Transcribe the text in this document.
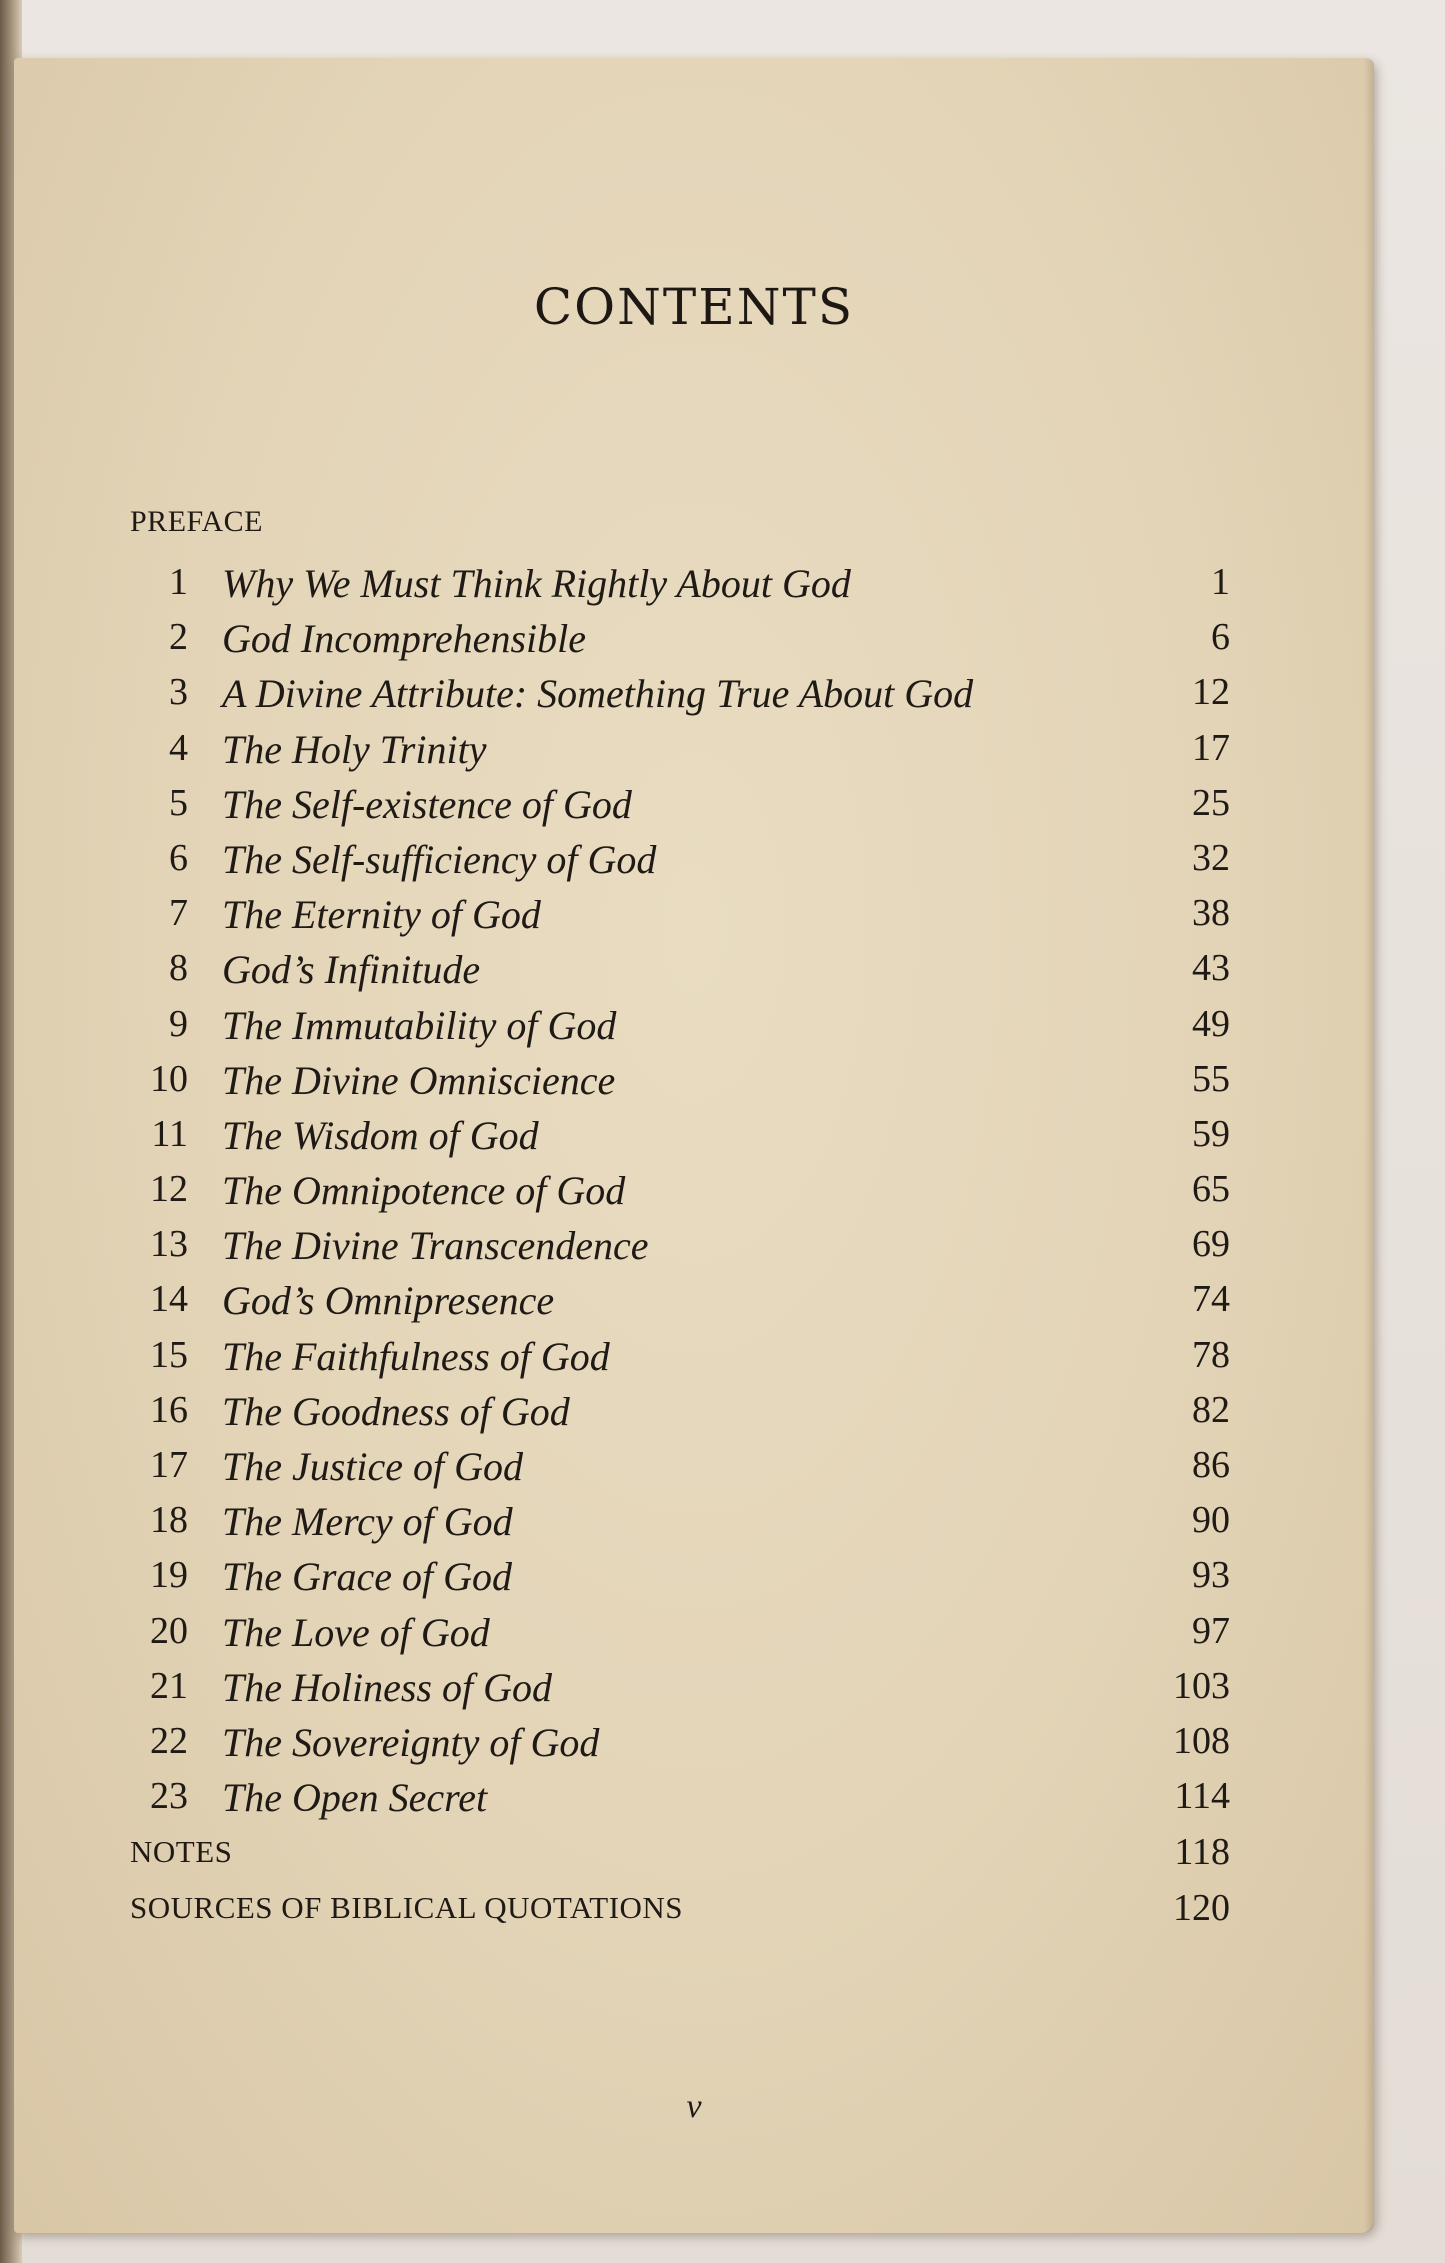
CONTENTS
PREFACE
1 Why We Must Think Rightly About God	1
2 God Incomprehensible	6
3 A Divine Attribute: Something True About God	12
4 The Holy Trinity	17
5 The Self-existence of God	25
6 The Self-sufficiency of God	32
7 The Eternity of God	38
8 God’s Infinitude	43
9 The Immutability of God	49
10 The Divine Omniscience	55
11 The Wisdom of God	59
12 The Omnipotence of God	65
13 The Divine Transcendence	69
14 God’s Omnipresence	74
15 The Faithfulness of God	78
16 The Goodness of God	82
17 The Justice of God	86
18 The Mercy of God	90
19 The Grace of God	93
20 The Love of God	97
21 The Holiness of God	103
22 The Sovereignty of God	108
23 The Open Secret	114
NOTES	118
SOURCES OF BIBLICAL QUOTATIONS	120
v
